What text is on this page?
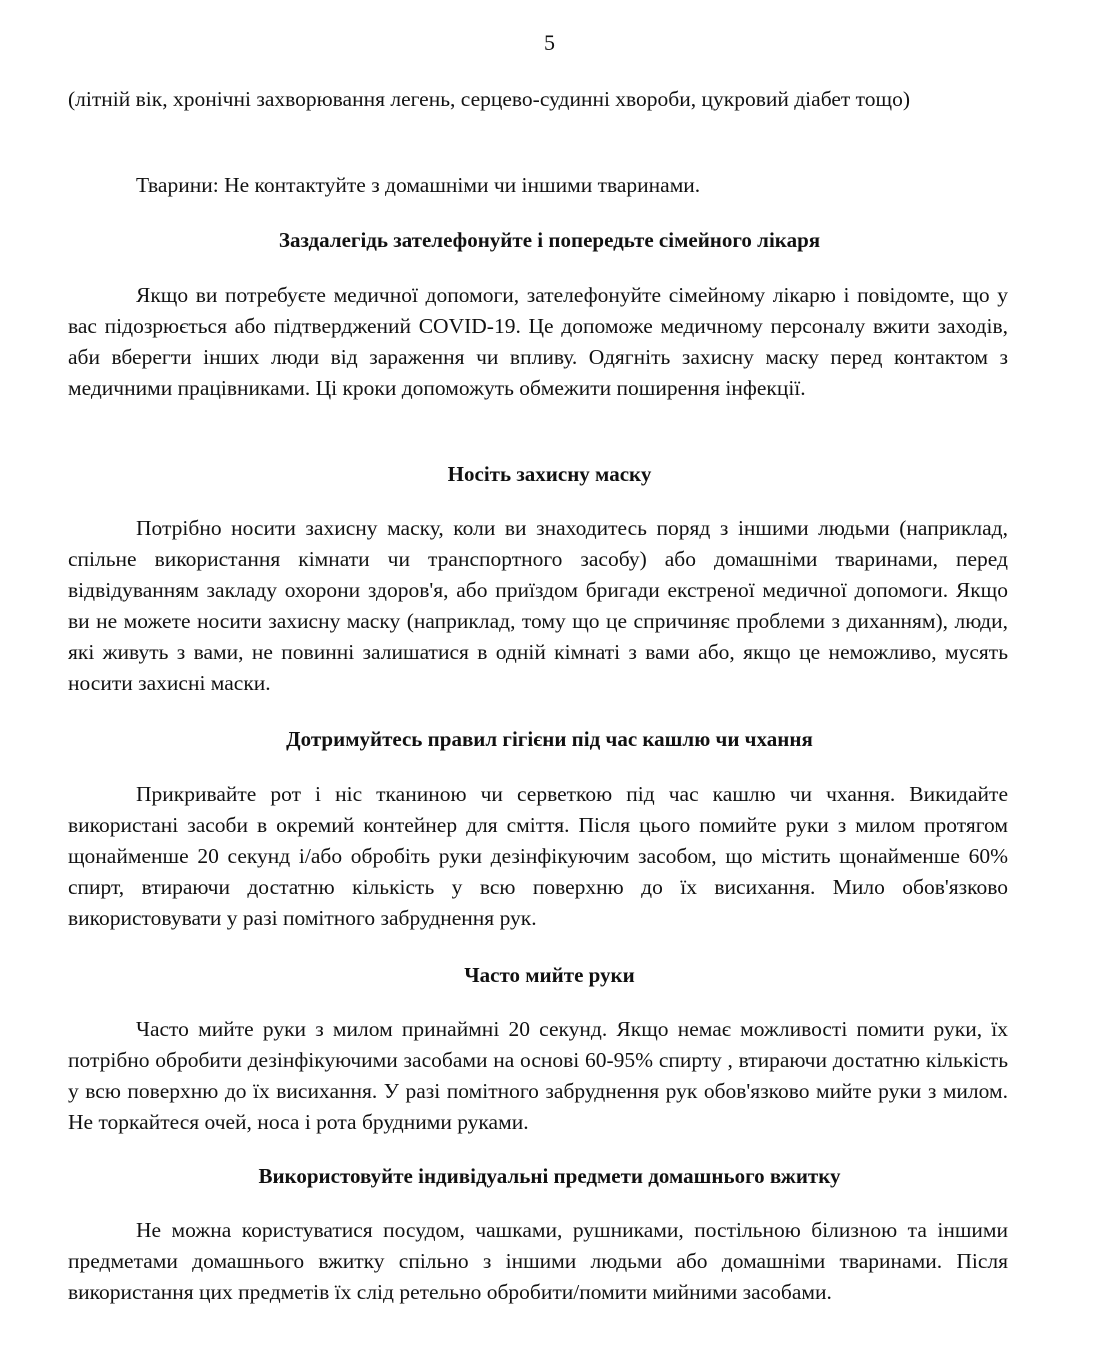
5

(літній вік, хронічні захворювання легень, серцево-судинні хвороби, цукровий діабет тощо)

Тварини: Не контактуйте з домашніми чи іншими тваринами.

Заздалегідь зателефонуйте і попередьте сімейного лікаря

Якщо ви потребуєте медичної допомоги, зателефонуйте сімейному лікарю і повідомте, що у вас підозрюється або підтверджений COVID-19. Це допоможе медичному персоналу вжити заходів, аби вберегти інших люди від зараження чи впливу. Одягніть захисну маску перед контактом з медичними працівниками. Ці кроки допоможуть обмежити поширення інфекції.

Носіть захисну маску

Потрібно носити захисну маску, коли ви знаходитесь поряд з іншими людьми (наприклад, спільне використання кімнати чи транспортного засобу) або домашніми тваринами, перед відвідуванням закладу охорони здоров'я, або приїздом бригади екстреної медичної допомоги. Якщо ви не можете носити захисну маску (наприклад, тому що це спричиняє проблеми з диханням), люди, які живуть з вами, не повинні залишатися в одній кімнаті з вами або, якщо це неможливо, мусять носити захисні маски.

Дотримуйтесь правил гігієни під час кашлю чи чхання

Прикривайте рот і ніс тканиною чи серветкою під час кашлю чи чхання. Викидайте використані засоби в окремий контейнер для сміття. Після цього помийте руки з милом протягом щонайменше 20 секунд і/або обробіть руки дезінфікуючим засобом, що містить щонайменше 60% спирт, втираючи достатню кількість у всю поверхню до їх висихання. Мило обов'язково використовувати у разі помітного забруднення рук.

Часто мийте руки

Часто мийте руки з милом принаймні 20 секунд. Якщо немає можливості помити руки, їх потрібно обробити дезінфікуючими засобами на основі 60-95% спирту , втираючи достатню кількість у всю поверхню до їх висихання. У разі помітного забруднення рук обов'язково мийте руки з милом. Не торкайтеся очей, носа і рота брудними руками.

Використовуйте індивідуальні предмети домашнього вжитку

Не можна користуватися посудом, чашками, рушниками, постільною білизною та іншими предметами домашнього вжитку спільно з іншими людьми або домашніми тваринами. Після використання цих предметів їх слід ретельно обробити/помити мийними засобами.
